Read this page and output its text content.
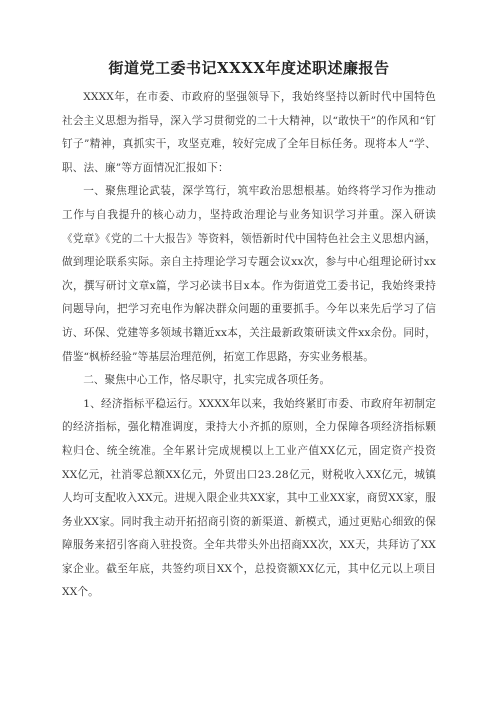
街道党工委书记XXXX年度述职述廉报告

XXXX年，在市委、市政府的坚强领导下，我始终坚持以新时代中国特色社会主义思想为指导，深入学习贯彻党的二十大精神，以“敢快干”的作风和“钉钉子”精神，真抓实干，攻坚克难，较好完成了全年目标任务。现将本人“学、职、法、廉”等方面情况汇报如下：

一、聚焦理论武装，深学笃行，筑牢政治思想根基。始终将学习作为推动工作与自我提升的核心动力，坚持政治理论与业务知识学习并重。深入研读《党章》《党的二十大报告》等资料，领悟新时代中国特色社会主义思想内涵，做到理论联系实际。亲自主持理论学习专题会议xx次，参与中心组理论研讨xx次，撰写研讨文章x篇，学习必读书目x本。作为街道党工委书记，我始终秉持问题导向，把学习充电作为解决群众问题的重要抓手。今年以来先后学习了信访、环保、党建等多领域书籍近xx本，关注最新政策研读文件xx余份。同时，借鉴“枫桥经验”等基层治理范例，拓宽工作思路，夯实业务根基。

二、聚焦中心工作，恪尽职守，扎实完成各项任务。

1、经济指标平稳运行。XXXX年以来，我始终紧盯市委、市政府年初制定的经济指标，强化精准调度，秉持大小齐抓的原则，全力保障各项经济指标颗粒归仓、统全统准。全年累计完成规模以上工业产值XX亿元，固定资产投资XX亿元，社消零总额XX亿元，外贸出口23.28亿元，财税收入XX亿元，城镇人均可支配收入XX元。进规入限企业共XX家，其中工业XX家，商贸XX家，服务业XX家。同时我主动开拓招商引资的新渠道、新模式，通过更贴心细致的保障服务来招引客商入驻投资。全年共带头外出招商XX次，XX天，共拜访了XX家企业。截至年底，共签约项目XX个，总投资额XX亿元，其中亿元以上项目XX个。
